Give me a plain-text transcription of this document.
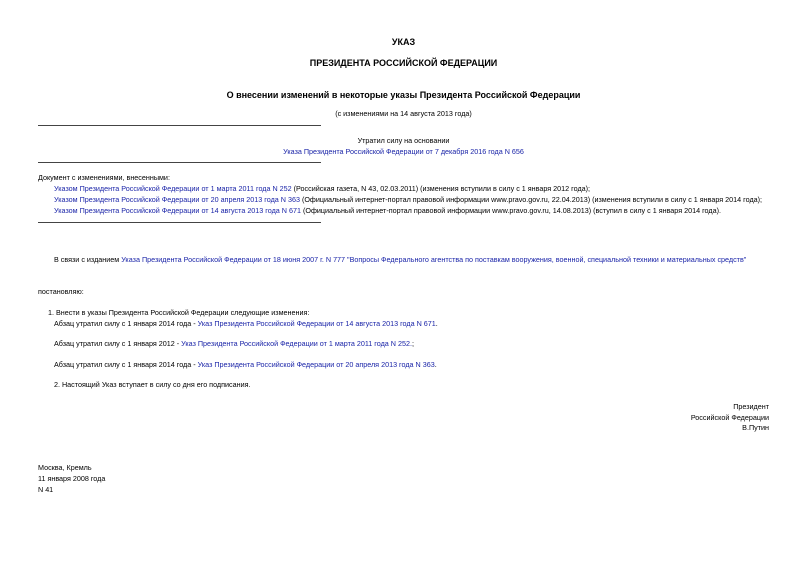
УКАЗ
ПРЕЗИДЕНТА РОССИЙСКОЙ ФЕДЕРАЦИИ
О внесении изменений в некоторые указы Президента Российской Федерации
(с изменениями на 14 августа 2013 года)
Утратил силу на основании
Указа Президента Российской Федерации от 7 декабря 2016 года N 656
Документ с изменениями, внесенными:
Указом Президента Российской Федерации от 1 марта 2011 года N 252 (Российская газета, N 43, 02.03.2011) (изменения вступили в силу с 1 января 2012 года);
Указом Президента Российской Федерации от 20 апреля 2013 года N 363 (Официальный интернет-портал правовой информации www.pravo.gov.ru, 22.04.2013) (изменения вступили в силу с 1 января 2014 года);
Указом Президента Российской Федерации от 14 августа 2013 года N 671 (Официальный интернет-портал правовой информации www.pravo.gov.ru, 14.08.2013) (вступил в силу с 1 января 2014 года).
В связи с изданием Указа Президента Российской Федерации от 18 июня 2007 г. N 777 "Вопросы Федерального агентства по поставкам вооружения, военной, специальной техники и материальных средств"
постановляю:
1. Внести в указы Президента Российской Федерации следующие изменения:
Абзац утратил силу с 1 января 2014 года - Указ Президента Российской Федерации от 14 августа 2013 года N 671.
Абзац утратил силу с 1 января 2012 - Указ Президента Российской Федерации от 1 марта 2011 года N 252.;
Абзац утратил силу с 1 января 2014 года - Указ Президента Российской Федерации от 20 апреля 2013 года N 363.
2. Настоящий Указ вступает в силу со дня его подписания.
Президент
Российской Федерации
В.Путин
Москва, Кремль
11 января 2008 года
N 41
